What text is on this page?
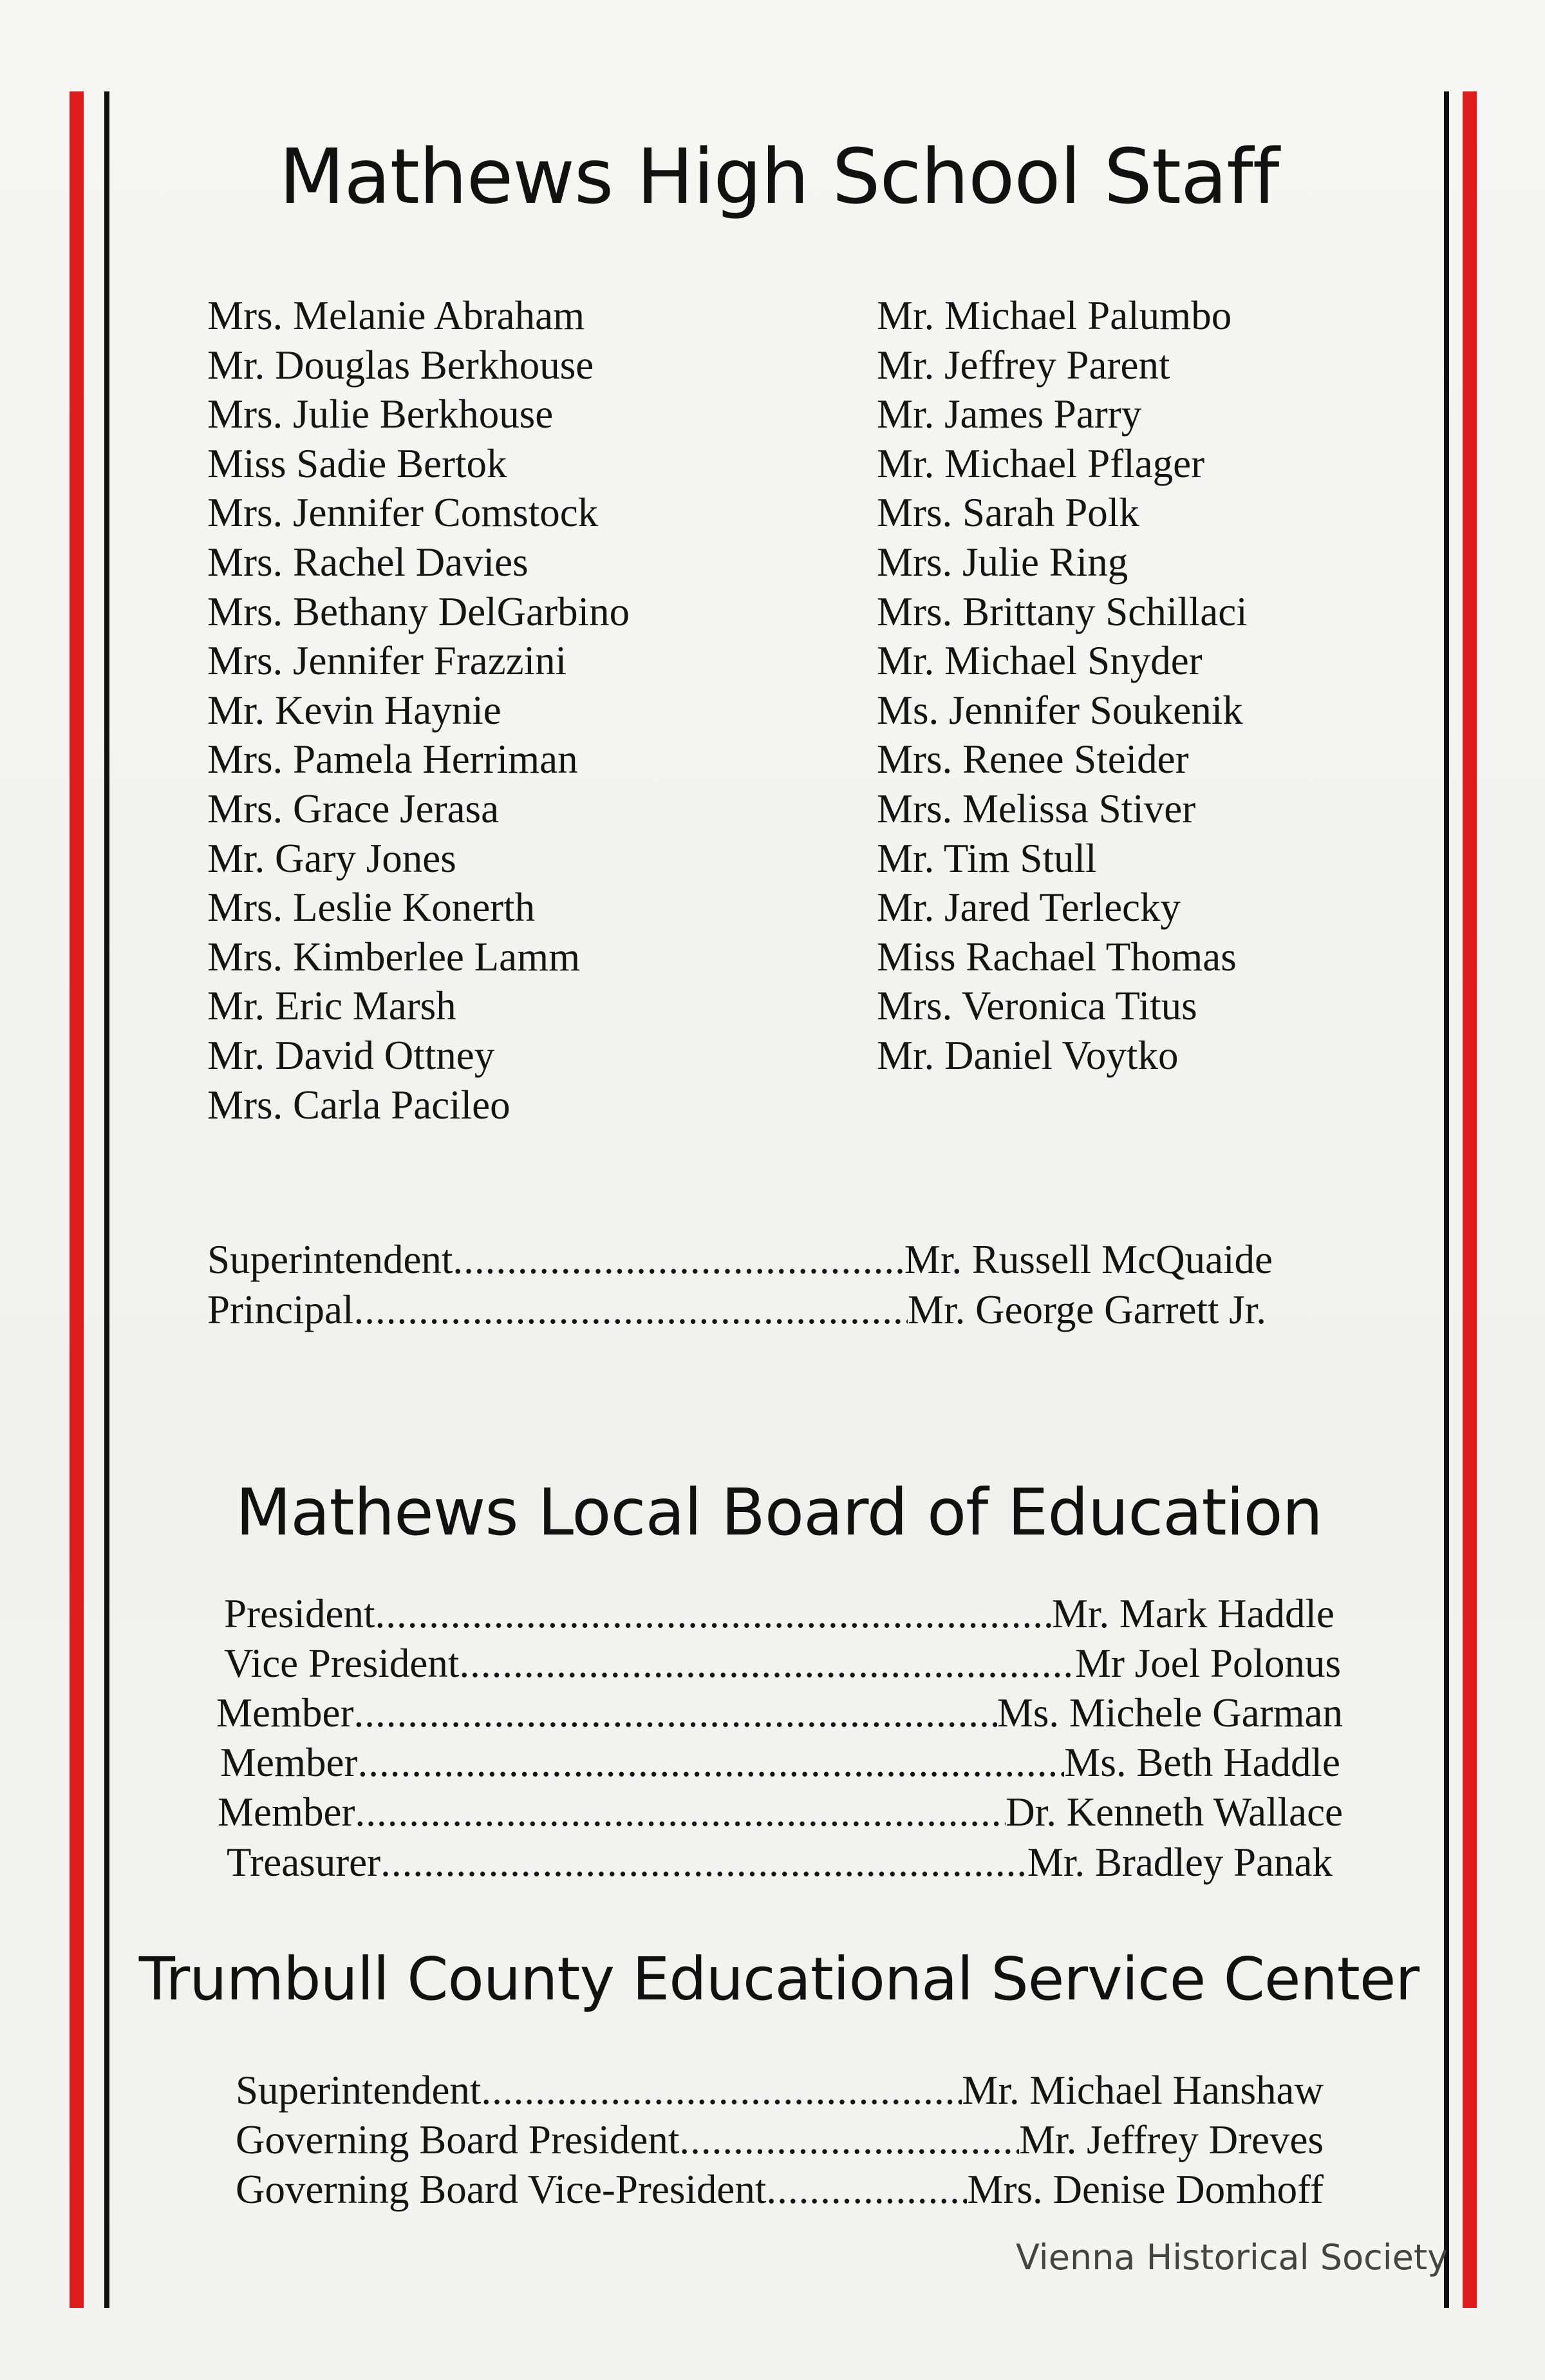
Mathews High School Staff
Mrs. Melanie Abraham
Mr. Douglas Berkhouse
Mrs. Julie Berkhouse
Miss Sadie Bertok
Mrs. Jennifer Comstock
Mrs. Rachel Davies
Mrs. Bethany DelGarbino
Mrs. Jennifer Frazzini
Mr. Kevin Haynie
Mrs. Pamela Herriman
Mrs. Grace Jerasa
Mr. Gary Jones
Mrs. Leslie Konerth
Mrs. Kimberlee Lamm
Mr. Eric Marsh
Mr. David Ottney
Mrs. Carla Pacileo
Mr. Michael Palumbo
Mr. Jeffrey Parent
Mr. James Parry
Mr. Michael Pflager
Mrs. Sarah Polk
Mrs. Julie Ring
Mrs. Brittany Schillaci
Mr. Michael Snyder
Ms. Jennifer Soukenik
Mrs. Renee Steider
Mrs. Melissa Stiver
Mr. Tim Stull
Mr. Jared Terlecky
Miss Rachael Thomas
Mrs. Veronica Titus
Mr. Daniel Voytko
Superintendent .....	Mr. Russell McQuaide
Principal .....	Mr. George Garrett Jr.
Mathews Local Board of Education
President .....	Mr. Mark Haddle
Vice President .....	Mr Joel Polonus
Member .....	Ms. Michele Garman
Member .....	Ms. Beth Haddle
Member .....	Dr. Kenneth Wallace
Treasurer .....	Mr. Bradley Panak
Trumbull County Educational Service Center
Superintendent .....	Mr. Michael Hanshaw
Governing Board President .....	Mr. Jeffrey Dreves
Governing Board Vice-President .....	Mrs. Denise Domhoff
Vienna Historical Society
